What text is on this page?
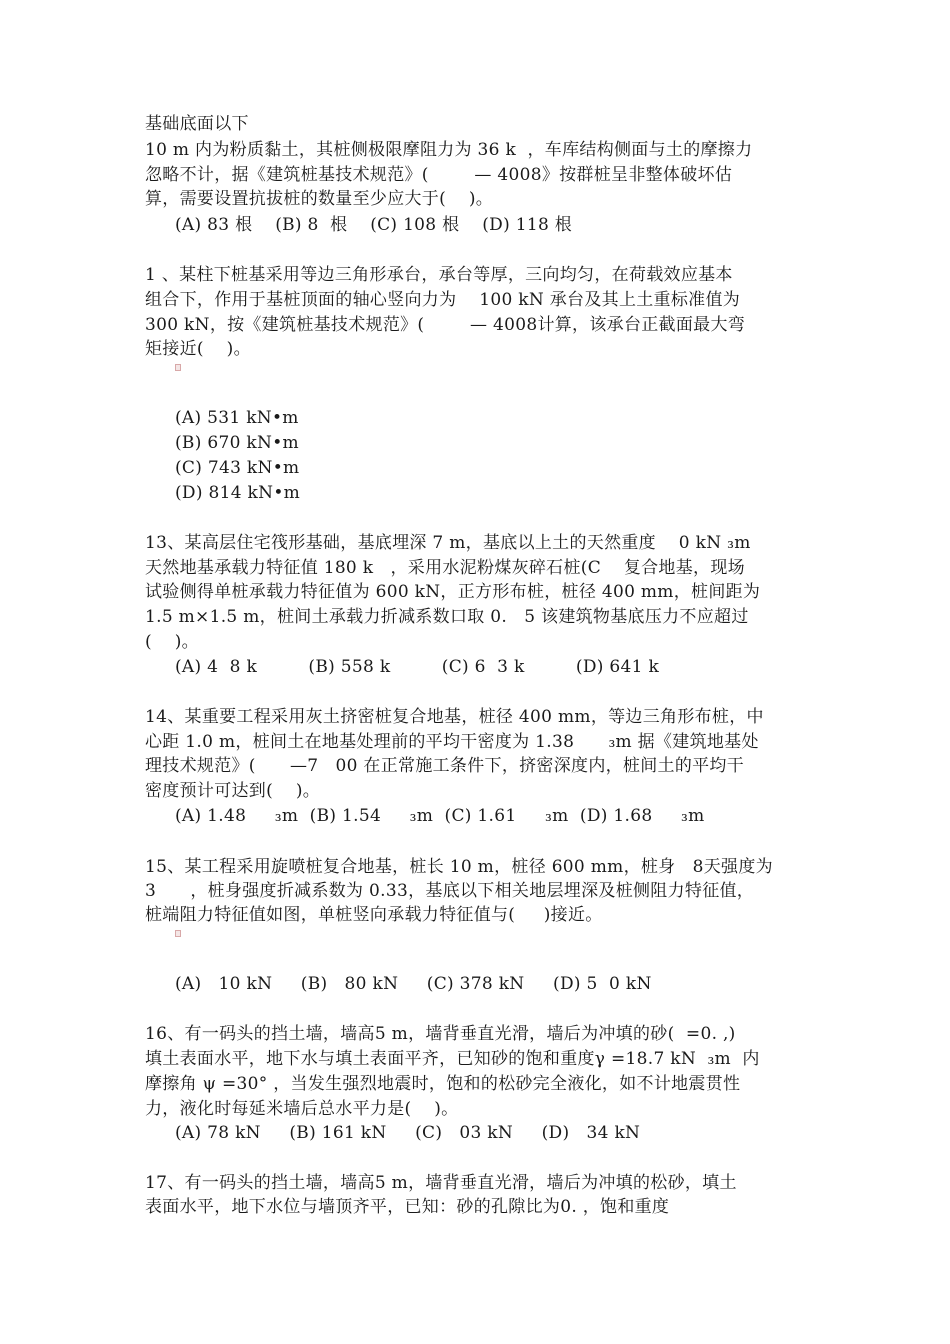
基础底面以下
10 m 内为粉质黏土，其桩侧极限摩阻力为 36 k  ，车库结构侧面与土的摩擦力
忽略不计，据《建筑桩基技术规范》(        — 4008》按群桩呈非整体破坏估
算，需要设置抗拔桩的数量至少应大于(    )。
(A) 83 根    (B) 8  根    (C) 108 根    (D) 118 根
1 、某柱下桩基采用等边三角形承台，承台等厚，三向均匀，在荷载效应基本
组合下，作用于基桩顶面的轴心竖向力为    100 kN 承台及其上土重标准值为
300 kN，按《建筑桩基技术规范》(        — 4008计算，该承台正截面最大弯
矩接近(    )。
(A) 531 kN•m
(B) 670 kN•m
(C) 743 kN•m
(D) 814 kN•m
13、某高层住宅筏形基础，基底埋深 7 m，基底以上土的天然重度    0 kN ₃m
天然地基承载力特征值 180 k   ，采用水泥粉煤灰碎石桩(C    复合地基，现场
试验侧得单桩承载力特征值为 600 kN，正方形布桩，桩径 400 mm，桩间距为
1.5 m×1.5 m，桩间土承载力折减系数口取 0.   5 该建筑物基底压力不应超过
(    )。
(A) 4  8 k         (B) 558 k         (C) 6  3 k         (D) 641 k
14、某重要工程采用灰土挤密桩复合地基，桩径 400 mm，等边三角形布桩，中
心距 1.0 m，桩间土在地基处理前的平均干密度为 1.38      ₃m 据《建筑地基处
理技术规范》(      —7   00 在正常施工条件下，挤密深度内，桩间土的平均干
密度预计可达到(    )。
(A) 1.48     ₃m  (B) 1.54     ₃m  (C) 1.61     ₃m  (D) 1.68     ₃m
15、某工程采用旋喷桩复合地基，桩长 10 m，桩径 600 mm，桩身   8天强度为
3      ，桩身强度折减系数为 0.33，基底以下相关地层埋深及桩侧阻力特征值，
桩端阻力特征值如图，单桩竖向承载力特征值与(     )接近。
(A)   10 kN     (B)   80 kN     (C) 378 kN     (D) 5  0 kN
16、有一码头的挡土墙，墙高5 m，墙背垂直光滑，墙后为冲填的砂(  =0. ,)
填土表面水平，地下水与填土表面平齐，已知砂的饱和重度γ =18.7 kN  ₃m  内
摩擦角 ψ =30° ，当发生强烈地震时，饱和的松砂完全液化，如不计地震贯性
力，液化时每延米墙后总水平力是(    )。
(A) 78 kN     (B) 161 kN     (C)   03 kN     (D)   34 kN
17、有一码头的挡土墙，墙高5 m，墙背垂直光滑，墙后为冲填的松砂，填土
表面水平，地下水位与墙顶齐平，已知：砂的孔隙比为0. ，饱和重度
